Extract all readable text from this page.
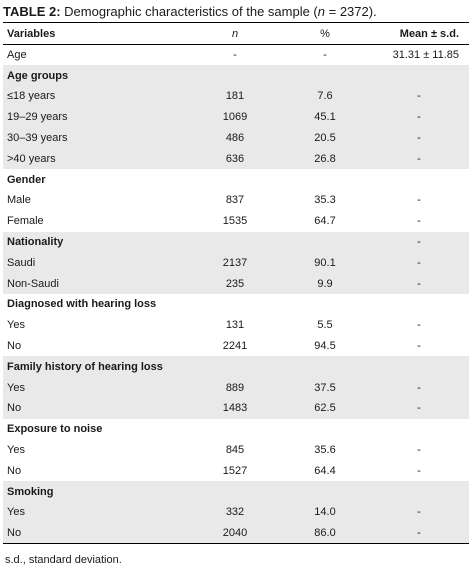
TABLE 2: Demographic characteristics of the sample (n = 2372).
Variables	n	%	Mean ± s.d.
Age	-	-	31.31 ± 11.85
Age groups			
≤18 years	181	7.6	-
19–29 years	1069	45.1	-
30–39 years	486	20.5	-
>40 years	636	26.8	-
Gender			
Male	837	35.3	-
Female	1535	64.7	-
Nationality			-
Saudi	2137	90.1	-
Non-Saudi	235	9.9	-
Diagnosed with hearing loss			
Yes	131	5.5	-
No	2241	94.5	-
Family history of hearing loss			
Yes	889	37.5	-
No	1483	62.5	-
Exposure to noise			
Yes	845	35.6	-
No	1527	64.4	-
Smoking			
Yes	332	14.0	-
No	2040	86.0	-
s.d., standard deviation.
